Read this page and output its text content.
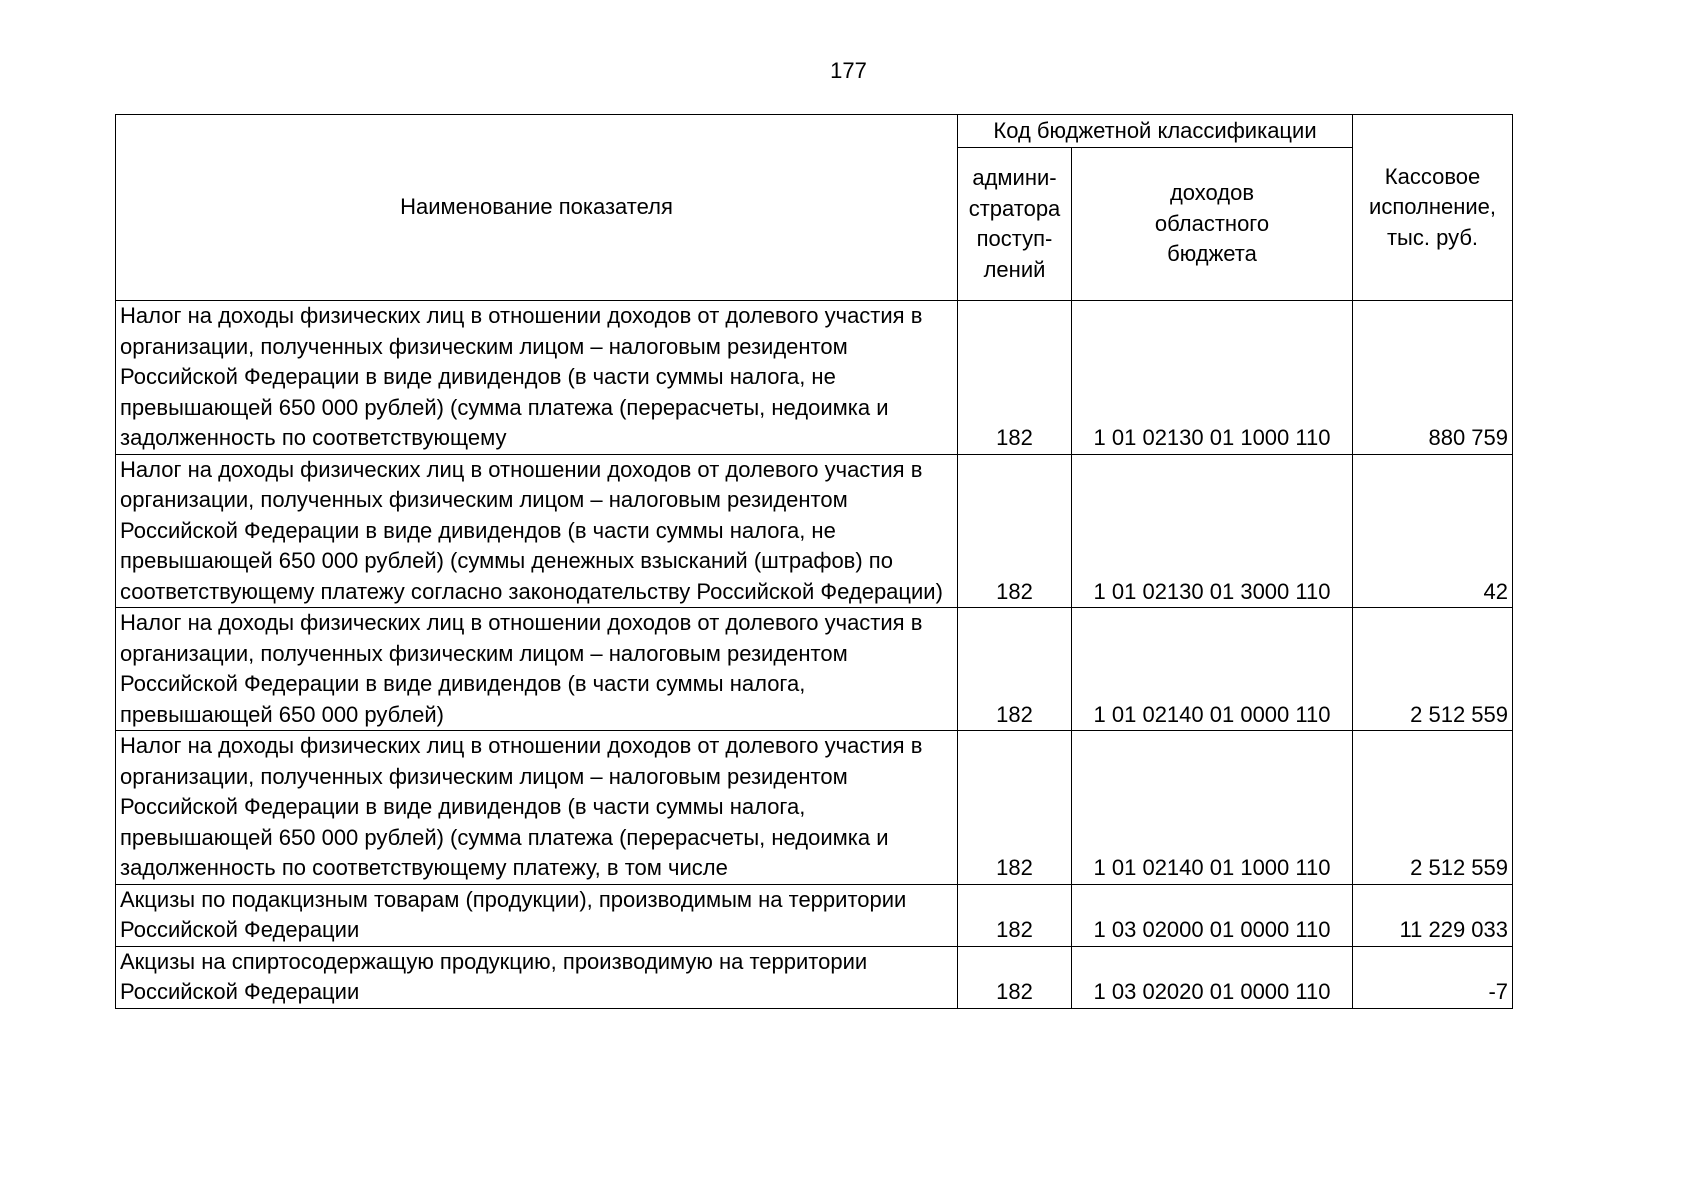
177
Наименование показателя	Код бюджетной классификации		Кассовое
исполнение,
тыс. руб.

	админи-
стратора
поступ-
лений	доходов
областного
бюджета	

Налог на доходы физических лиц в отношении доходов от долевого участия в организации, полученных физическим лицом – налоговым резидентом Российской Федерации в виде дивидендов (в части суммы налога, не превышающей 650 000 рублей) (сумма платежа (перерасчеты, недоимка и задолженность по соответствующему	182	1 01 02130 01 1000 110	880 759
Налог на доходы физических лиц в отношении доходов от долевого участия в организации, полученных физическим лицом – налоговым резидентом Российской Федерации в виде дивидендов (в части суммы налога, не превышающей 650 000 рублей) (суммы денежных взысканий (штрафов) по соответствующему платежу согласно законодательству Российской Федерации)	182	1 01 02130 01 3000 110	42
Налог на доходы физических лиц в отношении доходов от долевого участия в организации, полученных физическим лицом – налоговым резидентом Российской Федерации в виде дивидендов (в части суммы налога, превышающей 650 000 рублей)	182	1 01 02140 01 0000 110	2 512 559
Налог на доходы физических лиц в отношении доходов от долевого участия в организации, полученных физическим лицом – налоговым резидентом Российской Федерации в виде дивидендов (в части суммы налога, превышающей 650 000 рублей) (сумма платежа (перерасчеты, недоимка и задолженность по соответствующему платежу, в том числе	182	1 01 02140 01 1000 110	2 512 559
Акцизы по подакцизным товарам (продукции), производимым на территории Российской Федерации	182	1 03 02000 01 0000 110	11 229 033
Акцизы на спиртосодержащую продукцию, производимую на территории Российской Федерации	182	1 03 02020 01 0000 110	-7
